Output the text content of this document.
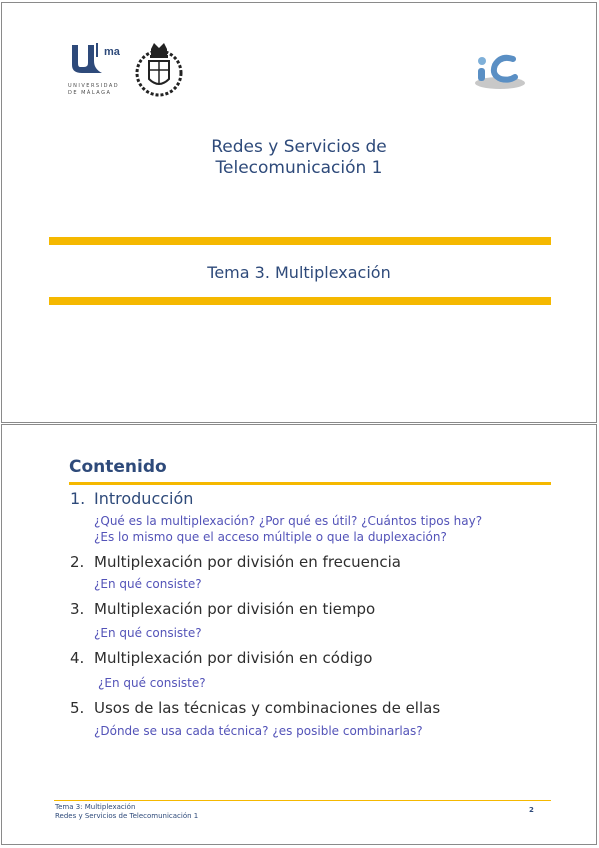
ma
UNIVERSIDAD
DE MÁLAGA
Redes y Servicios de
Telecomunicación 1
Tema 3. Multiplexación
Contenido
1. Introducción
¿Qué es la multiplexación? ¿Por qué es útil? ¿Cuántos tipos hay?
¿Es lo mismo que el acceso múltiple o que la duplexación?
2. Multiplexación por división en frecuencia
¿En qué consiste?
3. Multiplexación por división en tiempo
¿En qué consiste?
4. Multiplexación por división en código
¿En qué consiste?
5. Usos de las técnicas y combinaciones de ellas
¿Dónde se usa cada técnica? ¿es posible combinarlas?
Tema 3: Multiplexación
Redes y Servicios de Telecomunicación 1
2
